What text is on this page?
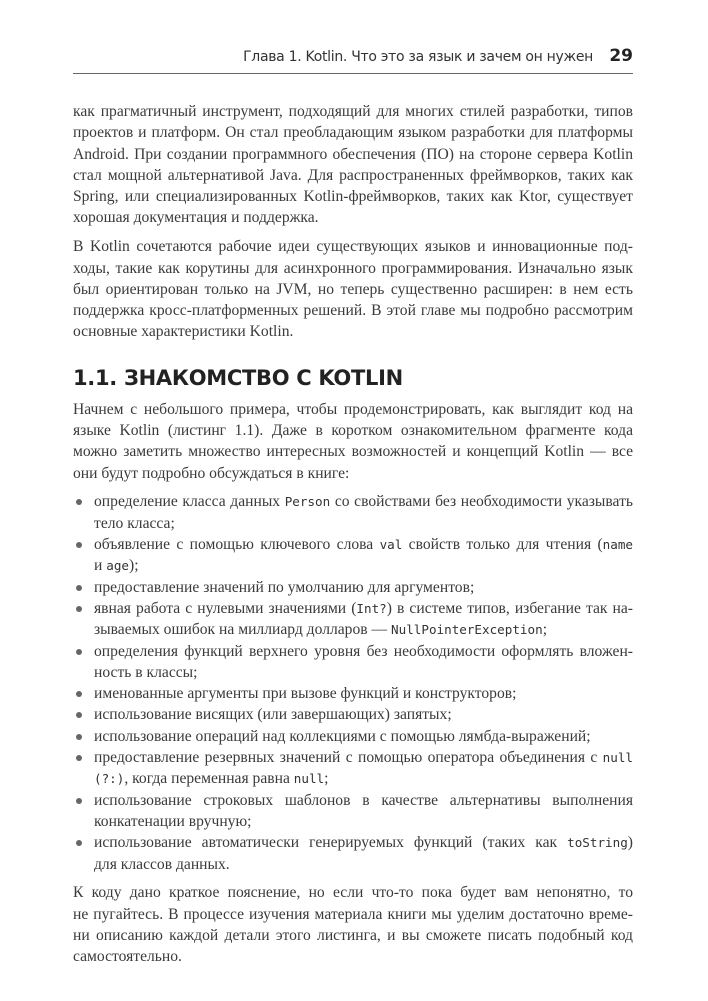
Глава 1. Kotlin. Что это за язык и зачем он нужен 29
как прагматичный инструмент, подходящий для многих стилей разработки, типов
проектов и платформ. Он стал преобладающим языком разработки для платформы
Android. При создании программного обеспечения (ПО) на стороне сервера Kotlin
стал мощной альтернативой Java. Для распространенных фреймворков, таких как
Spring, или специализированных Kotlin-фреймворков, таких как Ktor, существует
хорошая документация и поддержка.
В Kotlin сочетаются рабочие идеи существующих языков и инновационные под-
ходы, такие как корутины для асинхронного программирования. Изначально язык
был ориентирован только на JVM, но теперь существенно расширен: в нем есть
поддержка кросс-платформенных решений. В этой главе мы подробно рассмотрим
основные характеристики Kotlin.
1.1. ЗНАКОМСТВО С KOTLIN
Начнем с небольшого примера, чтобы продемонстрировать, как выглядит код на
языке Kotlin (листинг 1.1). Даже в коротком ознакомительном фрагменте кода
можно заметить множество интересных возможностей и концепций Kotlin — все
они будут подробно обсуждаться в книге:
определение класса данных Person со свойствами без необходимости указывать
тело класса;
объявление с помощью ключевого слова val свойств только для чтения (name
и age);
предоставление значений по умолчанию для аргументов;
явная работа с нулевыми значениями (Int?) в системе типов, избегание так на-
зываемых ошибок на миллиард долларов — NullPointerException;
определения функций верхнего уровня без необходимости оформлять вложен-
ность в классы;
именованные аргументы при вызове функций и конструкторов;
использование висящих (или завершающих) запятых;
использование операций над коллекциями с помощью лямбда-выражений;
предоставление резервных значений с помощью оператора объединения с null
(?:), когда переменная равна null;
использование строковых шаблонов в качестве альтернативы выполнения
конкатенации вручную;
использование автоматически генерируемых функций (таких как toString)
для классов данных.
К коду дано краткое пояснение, но если что-то пока будет вам непонятно, то
не пугайтесь. В процессе изучения материала книги мы уделим достаточно време-
ни описанию каждой детали этого листинга, и вы сможете писать подобный код
самостоятельно.
